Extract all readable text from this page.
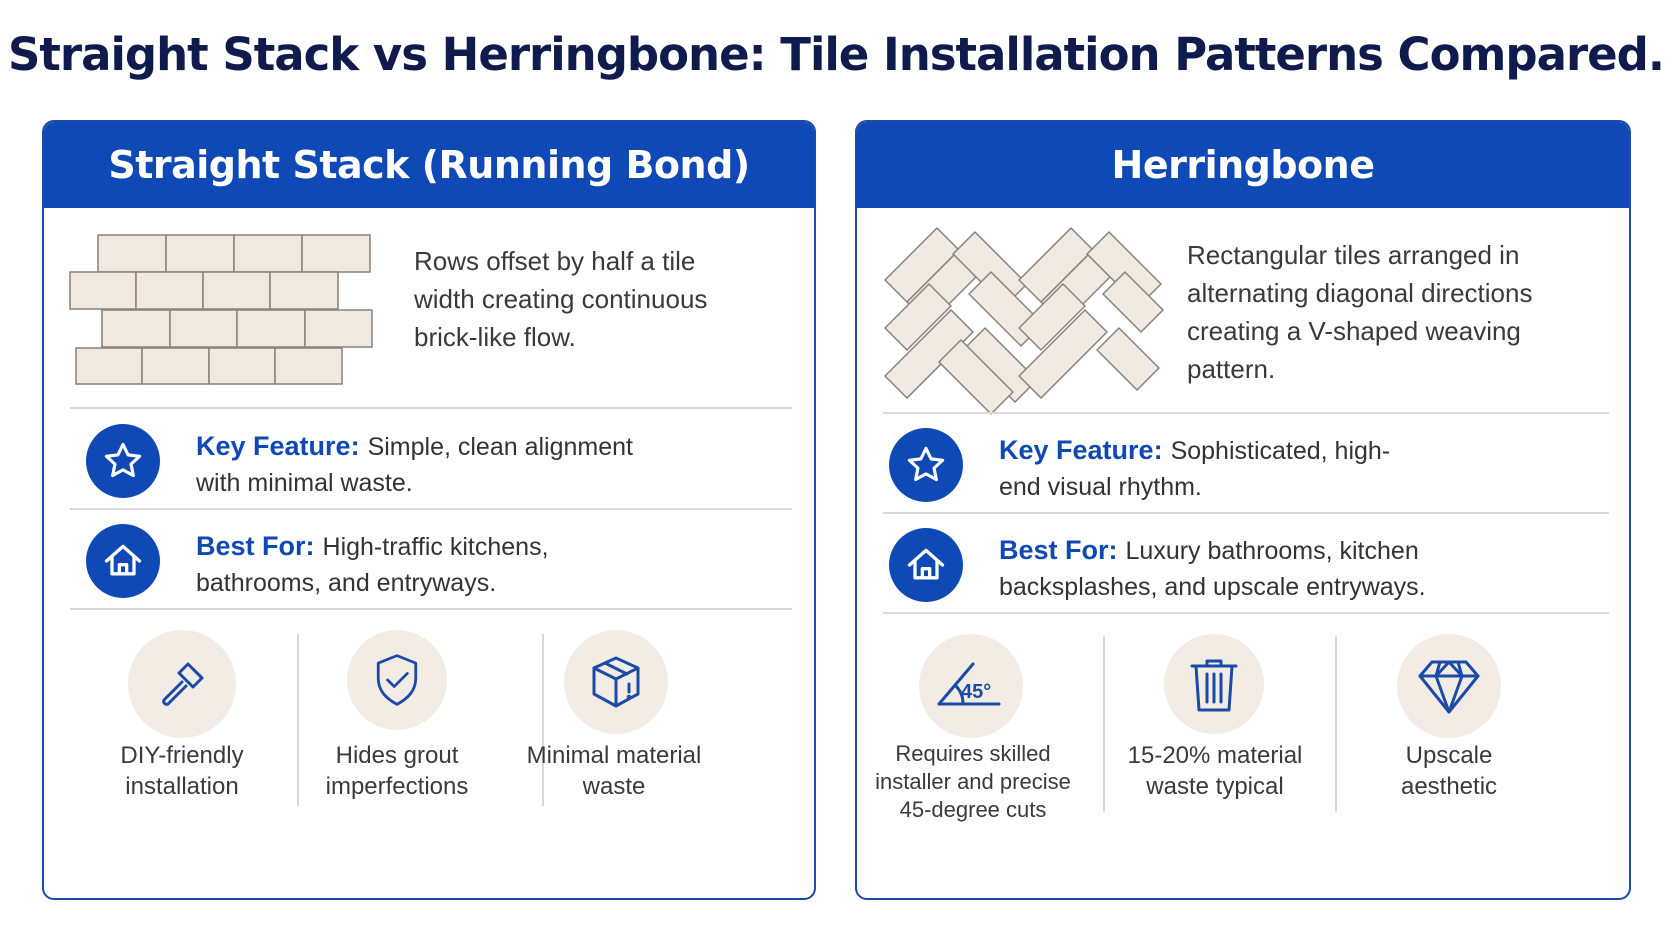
Straight Stack vs Herringbone: Tile Installation Patterns Compared.
Straight Stack (Running Bond)
Rows offset by half a tile width creating continuous brick-like flow.
Key Feature: Simple, clean alignment with minimal waste.
Best For: High-traffic kitchens, bathrooms, and entryways.
DIY-friendly installation
Hides grout imperfections
Minimal material waste
Herringbone
Rectangular tiles arranged in alternating diagonal directions creating a V-shaped weaving pattern.
Key Feature: Sophisticated, high-end visual rhythm.
Best For: Luxury bathrooms, kitchen backsplashes, and upscale entryways.
45°
Requires skilled installer and precise 45-degree cuts
15-20% material waste typical
Upscale aesthetic
